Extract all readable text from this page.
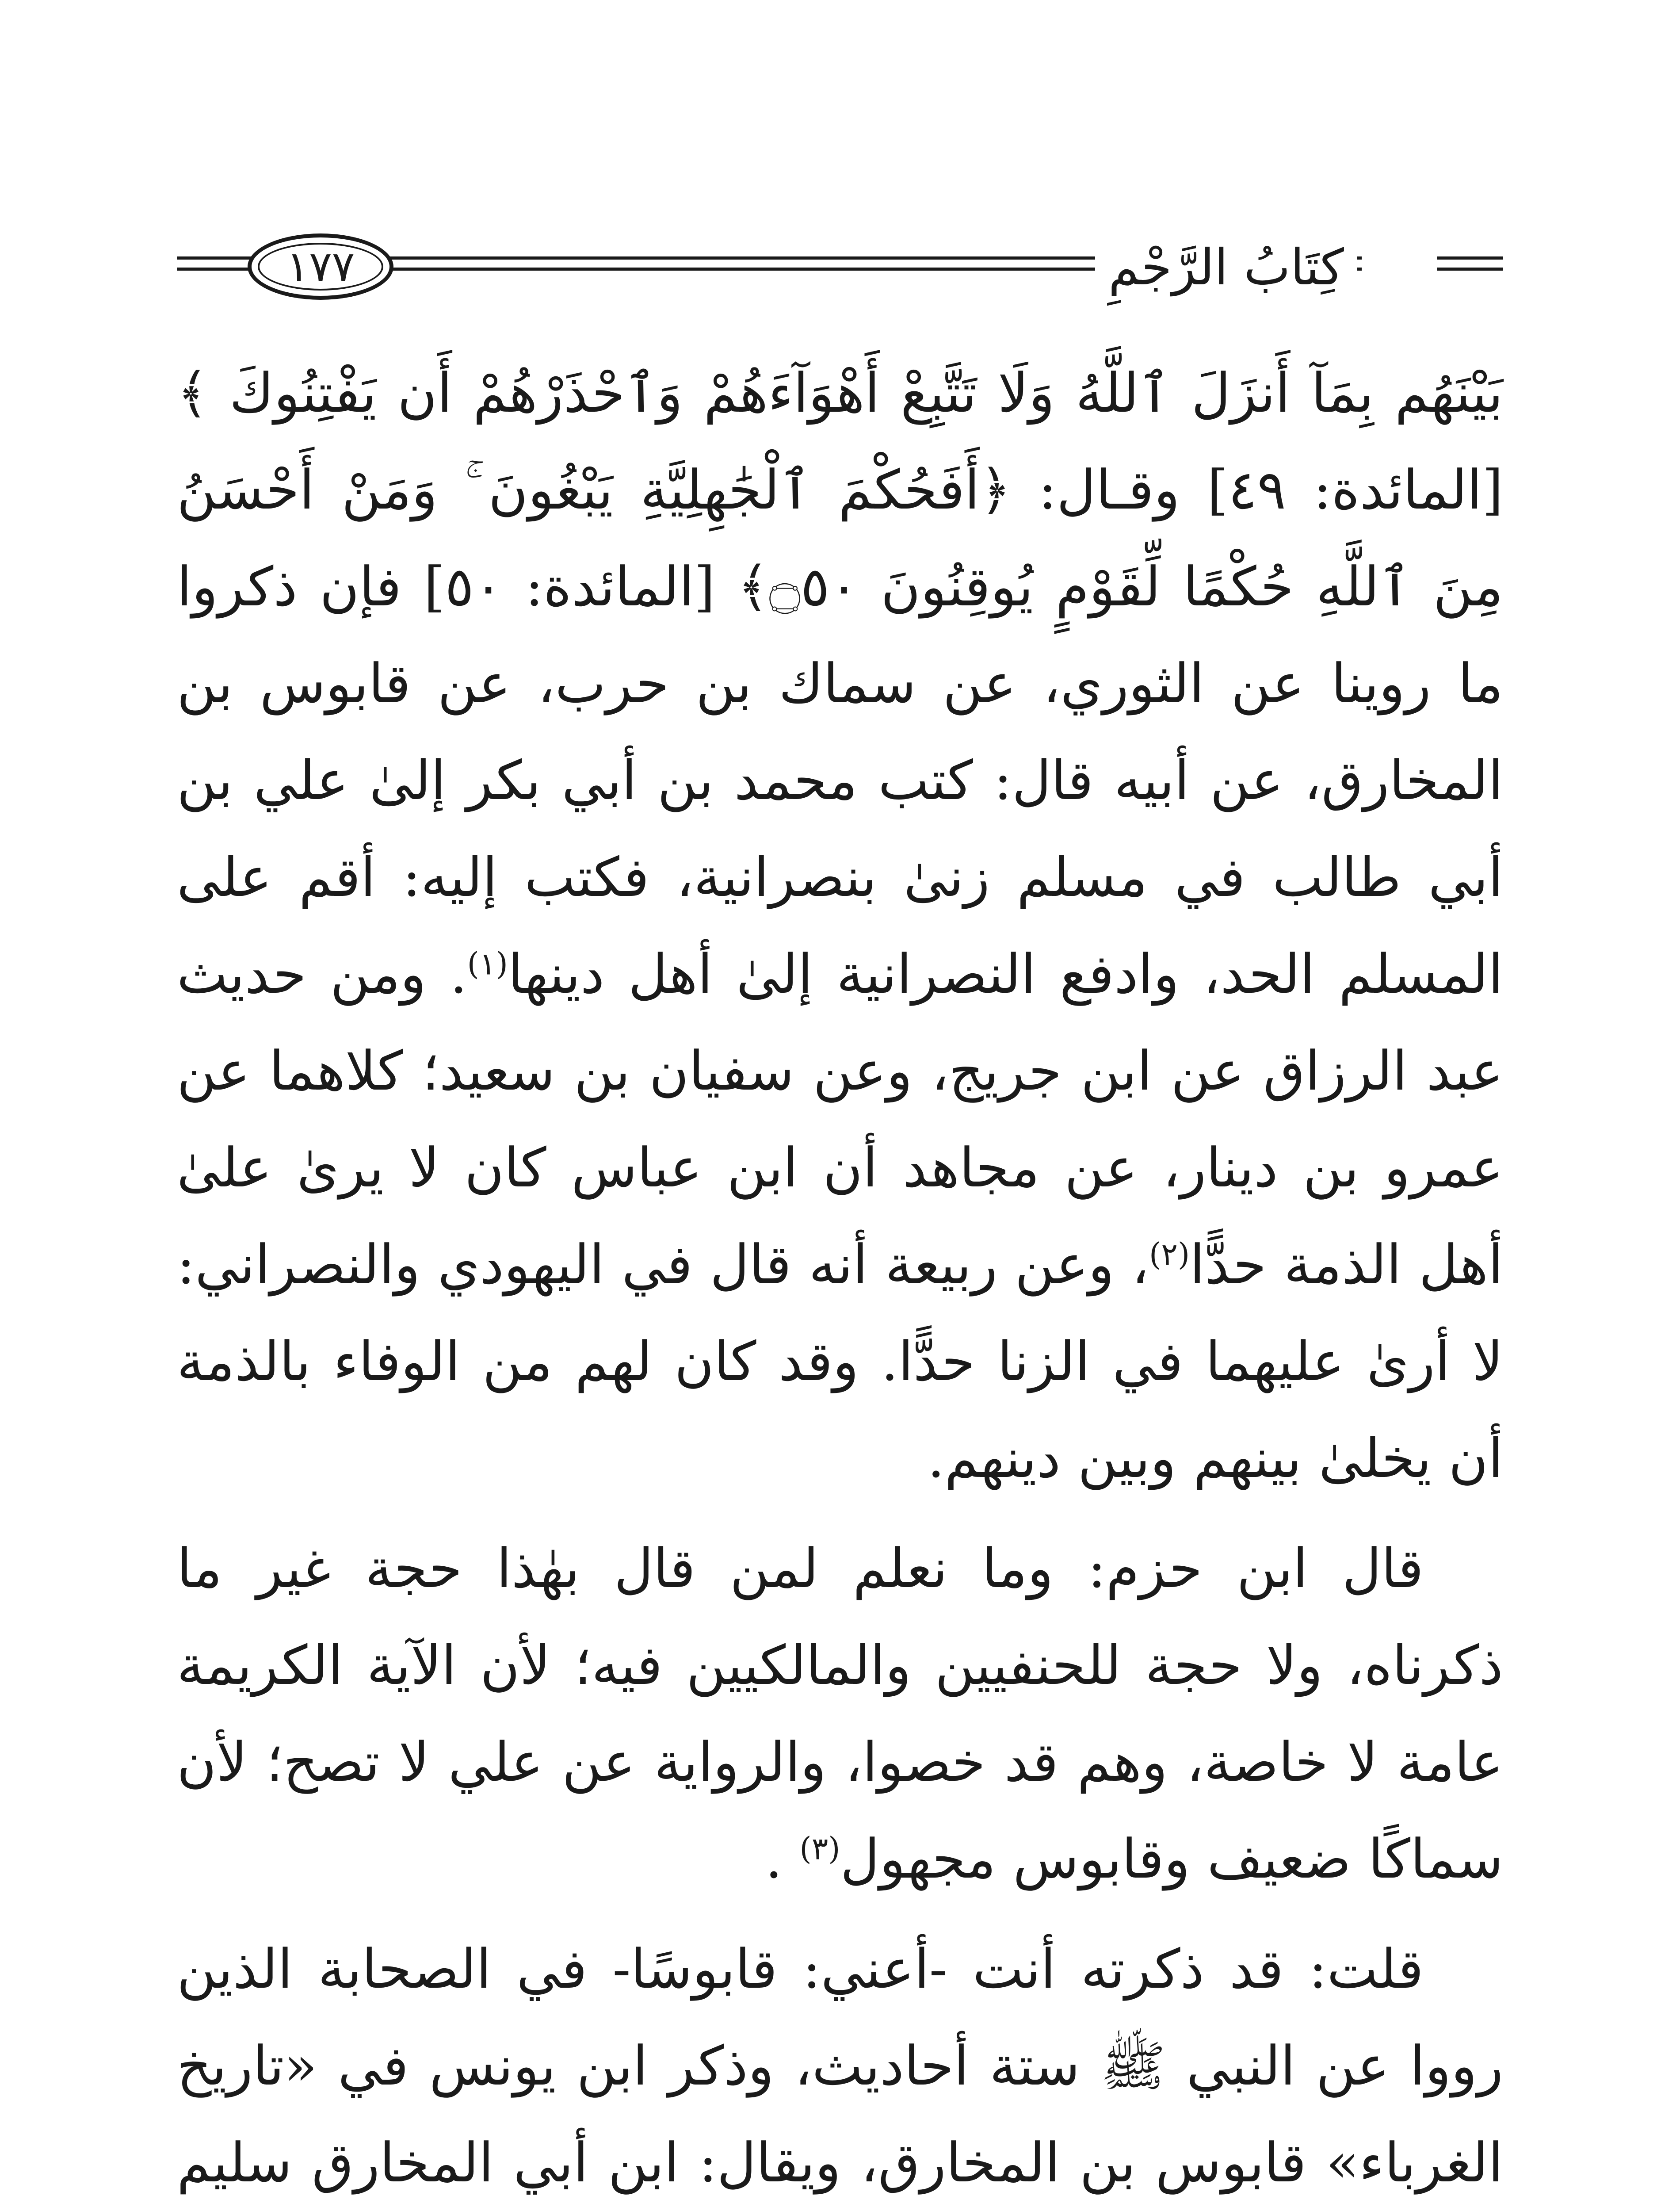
١٧٧	كِتَابُ الرَّجْمِ

بَيْنَهُم بِمَآ أَنزَلَ ٱللَّهُ وَلَا تَتَّبِعْ أَهْوَآءَهُمْ وَٱحْذَرْهُمْ أَن يَفْتِنُوكَ ﴾ [المائدة: ٤٩] وقـال: ﴿أَفَحُكْمَ ٱلْجَٰهِلِيَّةِ يَبْغُونَ ۚ وَمَنْ أَحْسَنُ مِنَ ٱللَّهِ حُكْمًا لِّقَوْمٍ يُوقِنُونَ ۝٥٠﴾ [المائدة: ٥٠] فإن ذكروا ما روينا عن الثوري، عن سماك بن حرب، عن قابوس بن المخارق، عن أبيه قال: كتب محمد بن أبي بكر إلىٰ علي بن أبي طالب في مسلم زنىٰ بنصرانية، فكتب إليه: أقم على المسلم الحد، وادفع النصرانية إلىٰ أهل دينها$^{(١)}$. ومن حديث عبد الرزاق عن ابن جريج، وعن سفيان بن سعيد؛ كلاهما عن عمرو بن دينار، عن مجاهد أن ابن عباس كان لا يرىٰ علىٰ أهل الذمة حدًّا$^{(٢)}$، وعن ربيعة أنه قال في اليهودي والنصراني: لا أرىٰ عليهما في الزنا حدًّا. وقد كان لهم من الوفاء بالذمة أن يخلىٰ بينهم وبين دينهم.

قال ابن حزم: وما نعلم لمن قال بهٰذا حجة غير ما ذكرناه، ولا حجة للحنفيين والمالكيين فيه؛ لأن الآية الكريمة عامة لا خاصة، وهم قد خصوا، والرواية عن علي لا تصح؛ لأن سماكًا ضعيف وقابوس مجهول$^{(٣)}$ .

قلت: قد ذكرته أنت -أعني: قابوسًا- في الصحابة الذين رووا عن النبي ﷺ ستة أحاديث، وذكر ابن يونس في «تاريخ الغرباء» قابوس بن المخارق، ويقال: ابن أبي المخارق سليم
